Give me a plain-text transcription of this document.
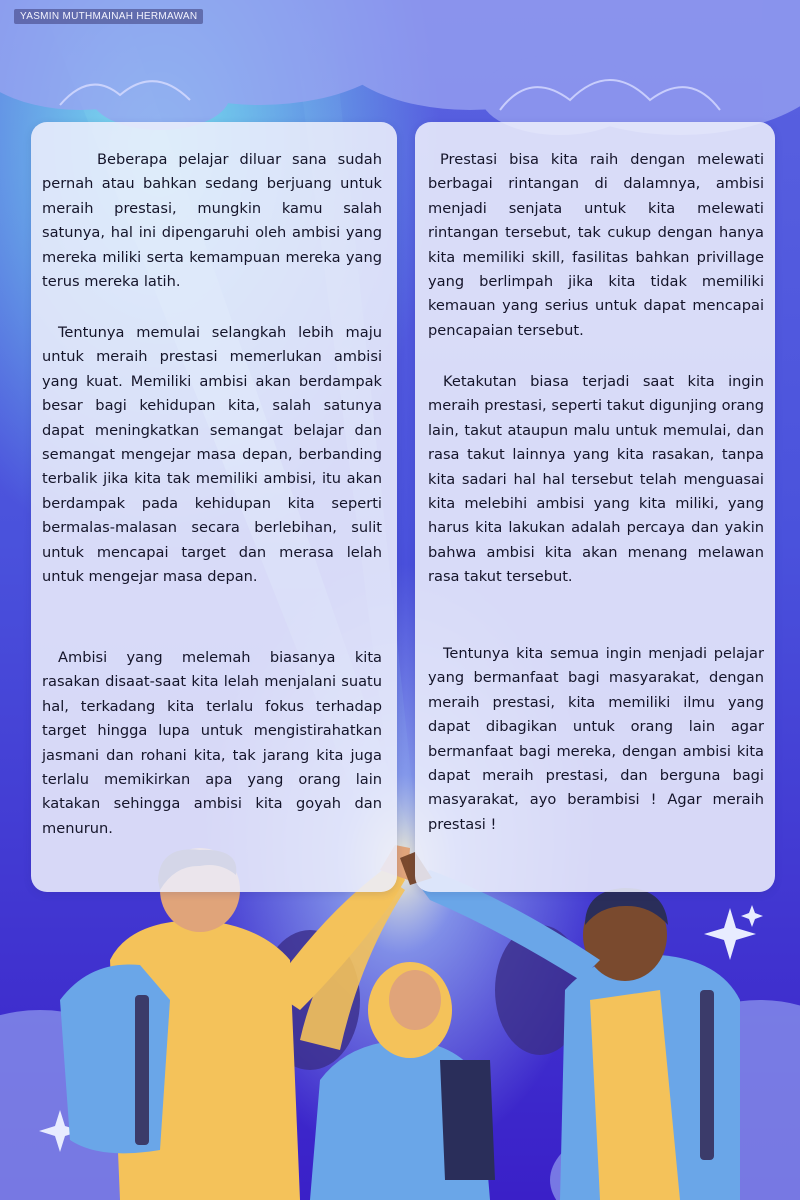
YASMIN MUTHMAINAH HERMAWAN

Beberapa pelajar diluar sana sudah pernah atau bahkan sedang berjuang untuk meraih prestasi, mungkin kamu salah satunya, hal ini dipengaruhi oleh ambisi yang mereka miliki serta kemampuan mereka yang terus mereka latih.

Tentunya memulai selangkah lebih maju untuk meraih prestasi memerlukan ambisi yang kuat. Memiliki ambisi akan berdampak besar bagi kehidupan kita, salah satunya dapat meningkatkan semangat belajar dan semangat mengejar masa depan, berbanding terbalik jika kita tak memiliki ambisi, itu akan berdampak pada kehidupan kita seperti bermalas-malasan secara berlebihan, sulit untuk mencapai target dan merasa lelah untuk mengejar masa depan.

Ambisi yang melemah biasanya kita rasakan disaat-saat kita lelah menjalani suatu hal, terkadang kita terlalu fokus terhadap target hingga lupa untuk mengistirahatkan jasmani dan rohani kita, tak jarang kita juga terlalu memikirkan apa yang orang lain katakan sehingga ambisi kita goyah dan menurun.

Prestasi bisa kita raih dengan melewati berbagai rintangan di dalamnya, ambisi menjadi senjata untuk kita melewati rintangan tersebut, tak cukup dengan hanya kita memiliki skill, fasilitas bahkan privillage yang berlimpah jika kita tidak memiliki kemauan yang serius untuk dapat mencapai pencapaian tersebut.

Ketakutan biasa terjadi saat kita ingin meraih prestasi, seperti takut digunjing orang lain, takut ataupun malu untuk memulai, dan rasa takut lainnya yang kita rasakan, tanpa kita sadari hal hal tersebut telah menguasai kita melebihi ambisi yang kita miliki, yang harus kita lakukan adalah percaya dan yakin bahwa ambisi kita akan menang melawan rasa takut tersebut.

Tentunya kita semua ingin menjadi pelajar yang bermanfaat bagi masyarakat, dengan meraih prestasi, kita memiliki ilmu yang dapat dibagikan untuk orang lain agar bermanfaat bagi mereka, dengan ambisi kita dapat meraih prestasi, dan berguna bagi masyarakat, ayo berambisi ! Agar meraih prestasi !
